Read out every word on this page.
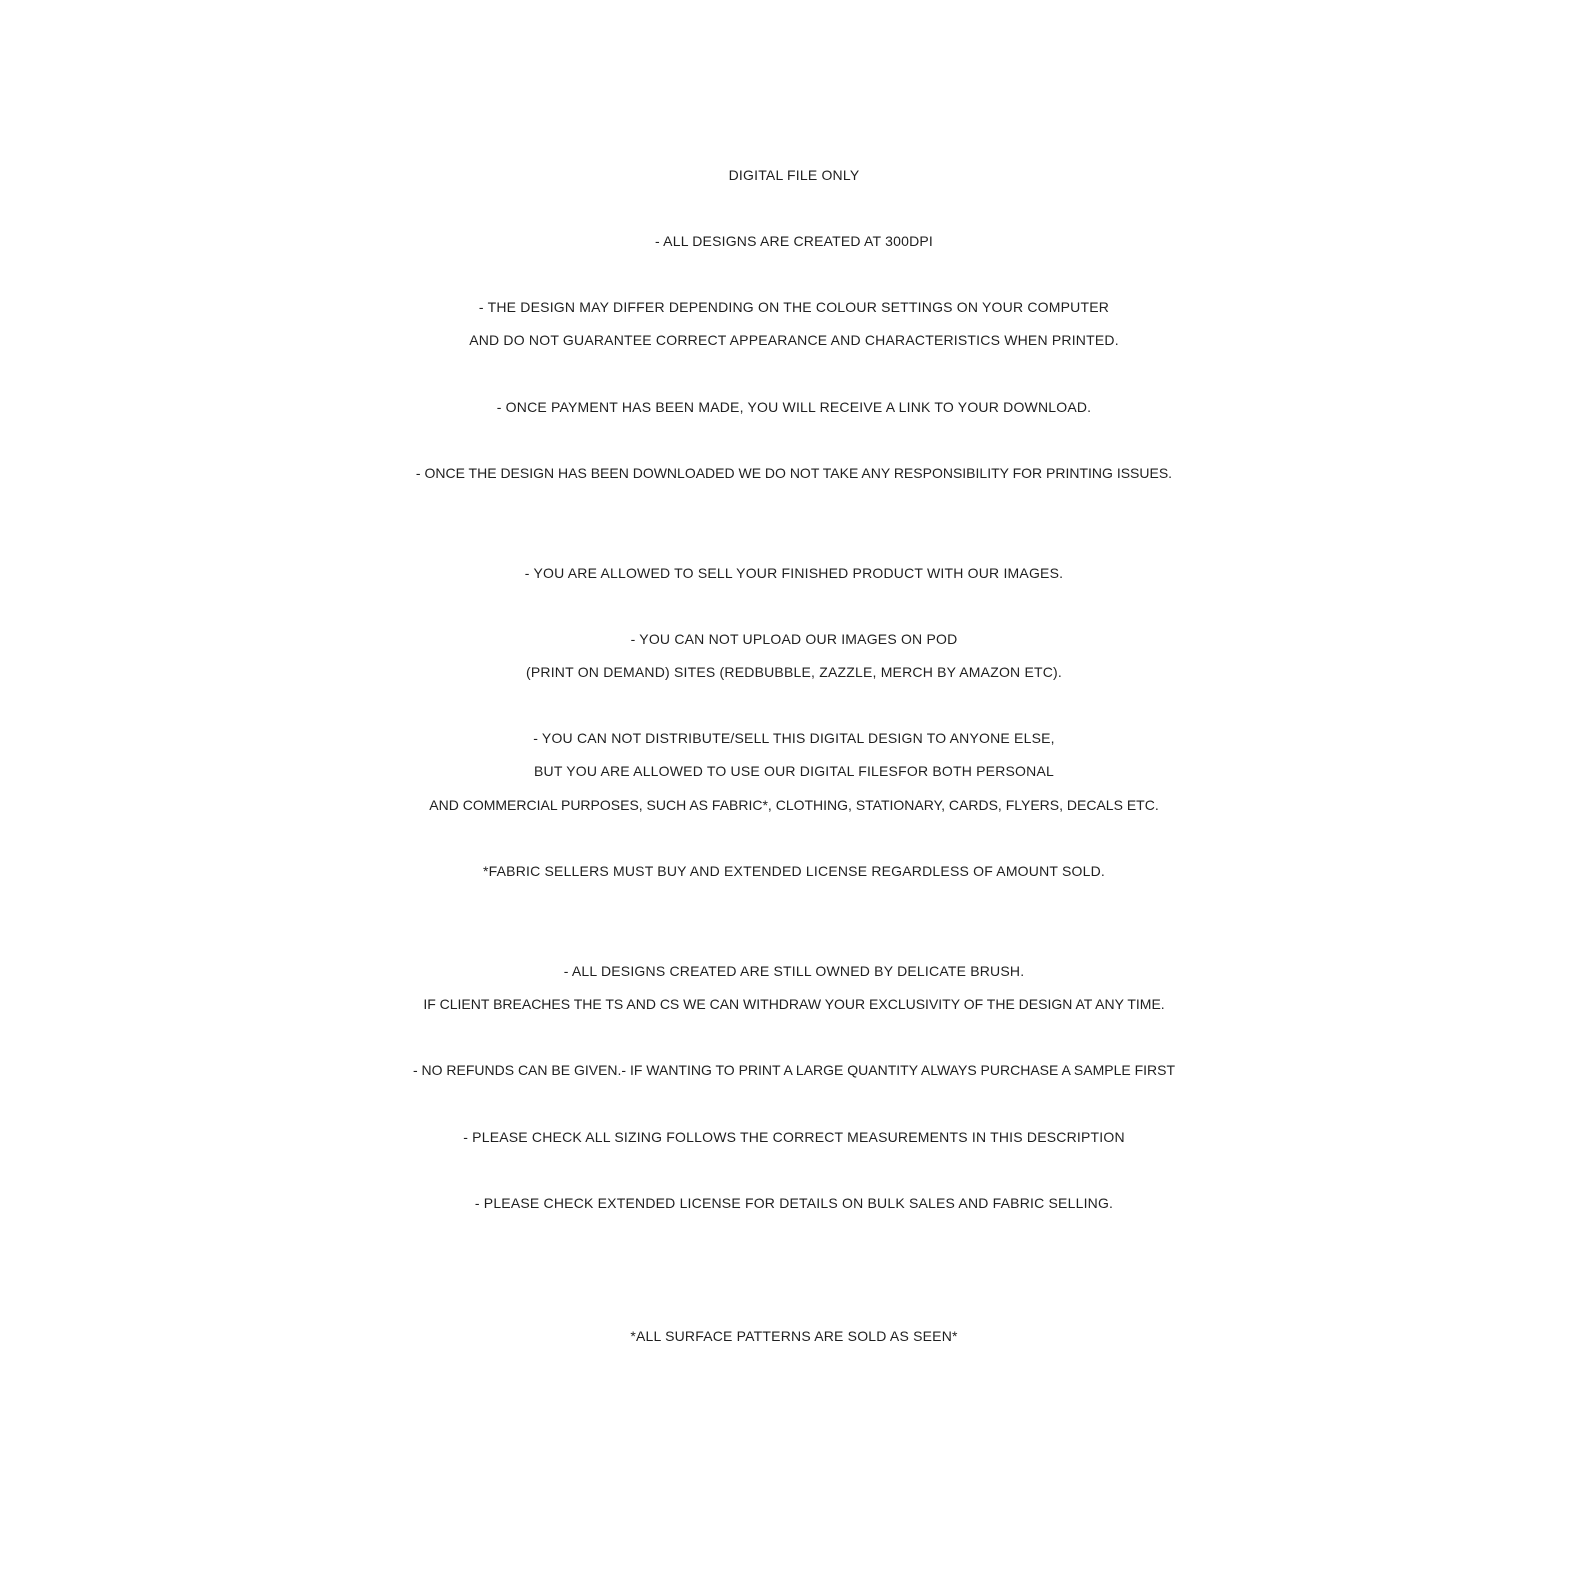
DIGITAL FILE ONLY
- ALL DESIGNS ARE CREATED AT 300DPI
- THE DESIGN MAY DIFFER DEPENDING ON THE COLOUR SETTINGS ON YOUR COMPUTER
AND DO NOT GUARANTEE CORRECT APPEARANCE AND CHARACTERISTICS WHEN PRINTED.
- ONCE PAYMENT HAS BEEN MADE, YOU WILL RECEIVE A LINK TO YOUR DOWNLOAD.
- ONCE THE DESIGN HAS BEEN DOWNLOADED WE DO NOT TAKE ANY RESPONSIBILITY FOR PRINTING ISSUES.
- YOU ARE ALLOWED TO SELL YOUR FINISHED PRODUCT WITH OUR IMAGES.
- YOU CAN NOT UPLOAD OUR IMAGES ON POD
(PRINT ON DEMAND) SITES (REDBUBBLE, ZAZZLE, MERCH BY AMAZON ETC).
- YOU CAN NOT DISTRIBUTE/SELL THIS DIGITAL DESIGN TO ANYONE ELSE,
BUT YOU ARE ALLOWED TO USE OUR DIGITAL FILESFOR BOTH PERSONAL
AND COMMERCIAL PURPOSES, SUCH AS FABRIC*, CLOTHING, STATIONARY, CARDS, FLYERS, DECALS ETC.
*FABRIC SELLERS MUST BUY AND EXTENDED LICENSE REGARDLESS OF AMOUNT SOLD.
- ALL DESIGNS CREATED ARE STILL OWNED BY DELICATE BRUSH.
IF CLIENT BREACHES THE TS AND CS WE CAN WITHDRAW YOUR EXCLUSIVITY OF THE DESIGN AT ANY TIME.
- NO REFUNDS CAN BE GIVEN.- IF WANTING TO PRINT A LARGE QUANTITY ALWAYS PURCHASE A SAMPLE FIRST
- PLEASE CHECK ALL SIZING FOLLOWS THE CORRECT MEASUREMENTS IN THIS DESCRIPTION
- PLEASE CHECK EXTENDED LICENSE FOR DETAILS ON BULK SALES AND FABRIC SELLING.
*ALL SURFACE PATTERNS ARE SOLD AS SEEN*
